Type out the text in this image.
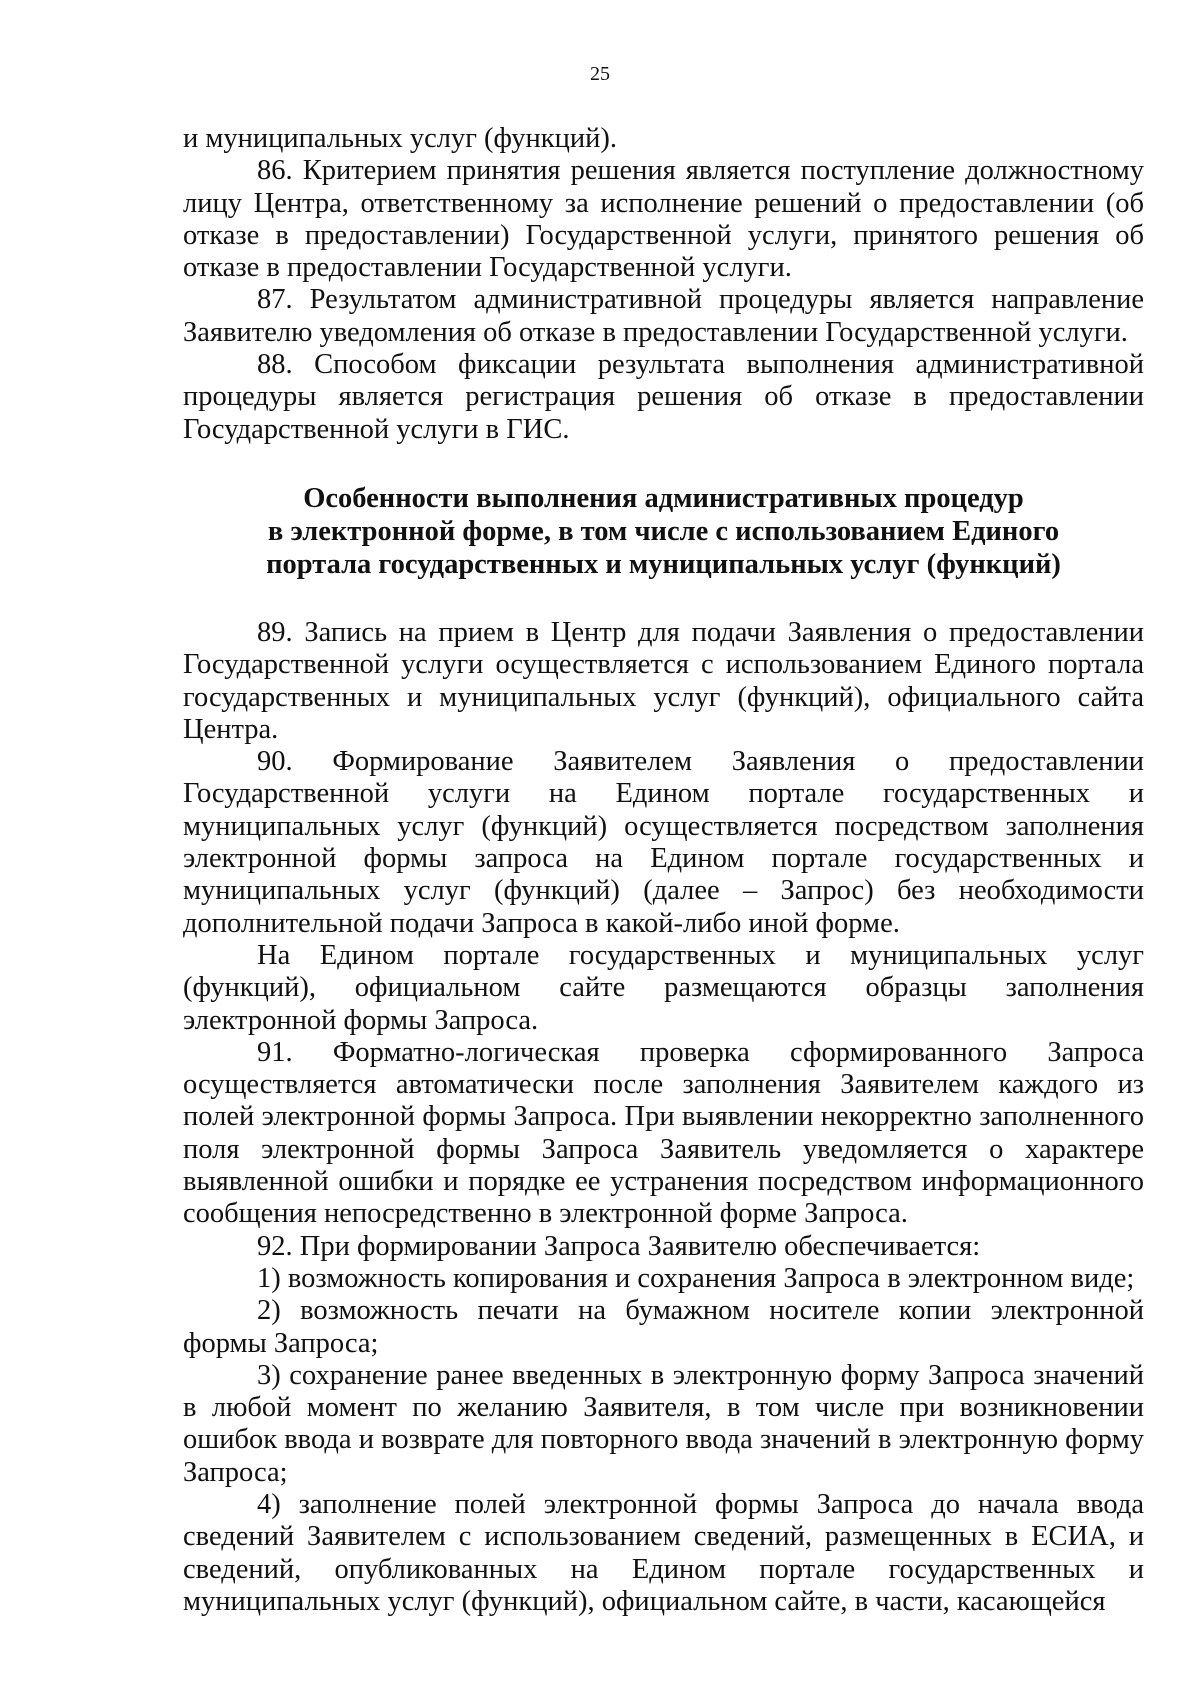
25

и муниципальных услуг (функций).

86. Критерием принятия решения является поступление должностному лицу Центра, ответственному за исполнение решений о предоставлении (об отказе в предоставлении) Государственной услуги, принятого решения об отказе в предоставлении Государственной услуги.

87. Результатом административной процедуры является направление Заявителю уведомления об отказе в предоставлении Государственной услуги.

88. Способом фиксации результата выполнения административной процедуры является регистрация решения об отказе в предоставлении Государственной услуги в ГИС.

Особенности выполнения административных процедур
в электронной форме, в том числе с использованием Единого
портала государственных и муниципальных услуг (функций)

89. Запись на прием в Центр для подачи Заявления о предоставлении Государственной услуги осуществляется с использованием Единого портала государственных и муниципальных услуг (функций), официального сайта Центра.

90. Формирование Заявителем Заявления о предоставлении Государственной услуги на Едином портале государственных и муниципальных услуг (функций) осуществляется посредством заполнения электронной формы запроса на Едином портале государственных и муниципальных услуг (функций) (далее – Запрос) без необходимости дополнительной подачи Запроса в какой-либо иной форме.

На Едином портале государственных и муниципальных услуг (функций), официальном сайте размещаются образцы заполнения электронной формы Запроса.

91. Форматно-логическая проверка сформированного Запроса осуществляется автоматически после заполнения Заявителем каждого из полей электронной формы Запроса. При выявлении некорректно заполненного поля электронной формы Запроса Заявитель уведомляется о характере выявленной ошибки и порядке ее устранения посредством информационного сообщения непосредственно в электронной форме Запроса.

92. При формировании Запроса Заявителю обеспечивается:

1) возможность копирования и сохранения Запроса в электронном виде;

2) возможность печати на бумажном носителе копии электронной формы Запроса;

3) сохранение ранее введенных в электронную форму Запроса значений в любой момент по желанию Заявителя, в том числе при возникновении ошибок ввода и возврате для повторного ввода значений в электронную форму Запроса;

4) заполнение полей электронной формы Запроса до начала ввода сведений Заявителем с использованием сведений, размещенных в ЕСИА, и сведений, опубликованных на Едином портале государственных и муниципальных услуг (функций), официальном сайте, в части, касающейся
